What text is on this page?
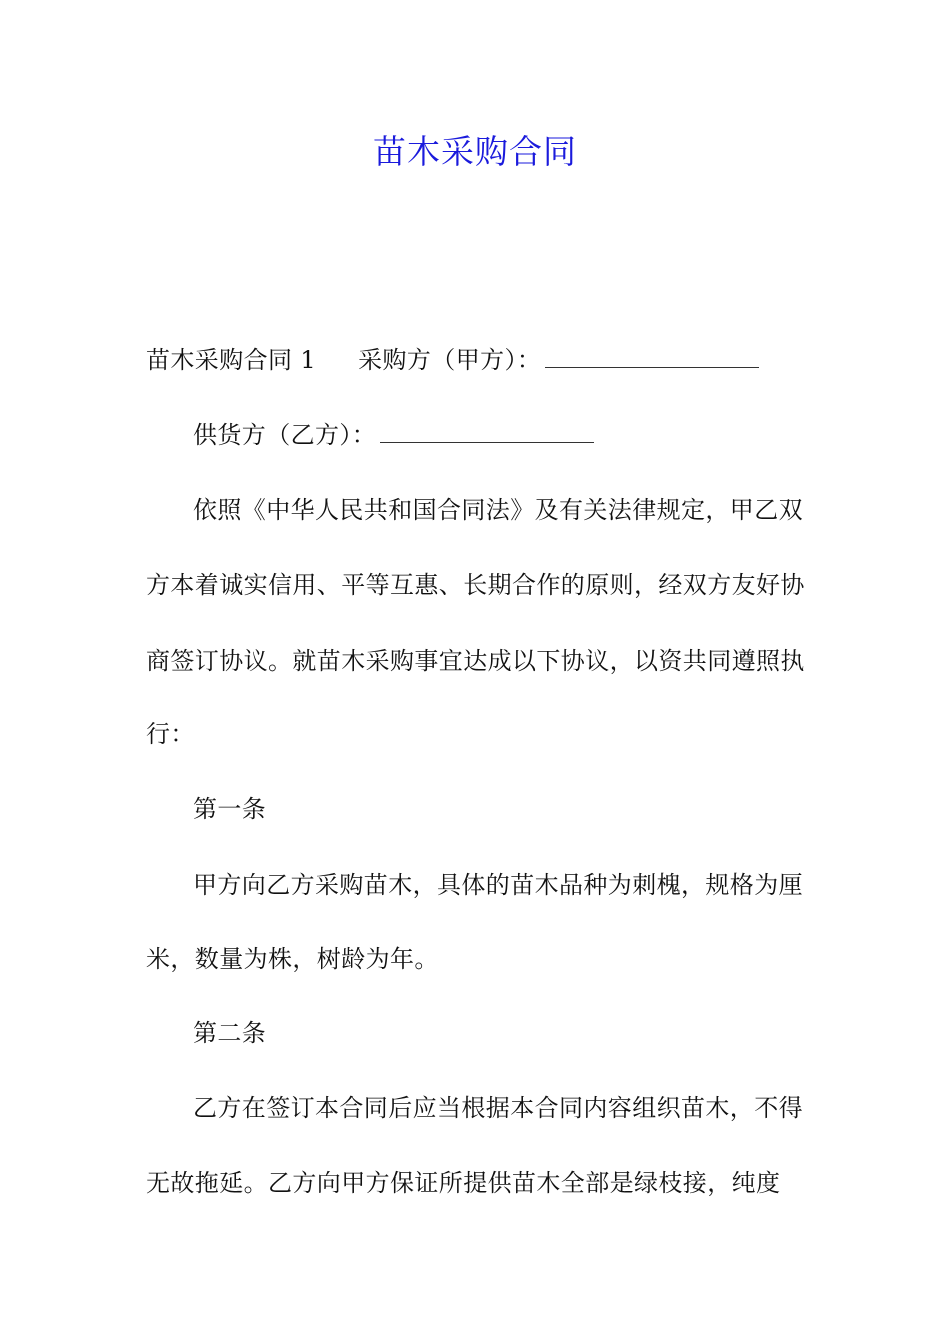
苗木采购合同
苗木采购合同 1 采购方（甲方）：
供货方（乙方）：
依照《中华人民共和国合同法》及有关法律规定，甲乙双
方本着诚实信用、平等互惠、长期合作的原则，经双方友好协
商签订协议。就苗木采购事宜达成以下协议，以资共同遵照执
行：
第一条
甲方向乙方采购苗木，具体的苗木品种为刺槐，规格为厘
米，数量为株，树龄为年。
第二条
乙方在签订本合同后应当根据本合同内容组织苗木，不得
无故拖延。乙方向甲方保证所提供苗木全部是绿枝接，纯度
